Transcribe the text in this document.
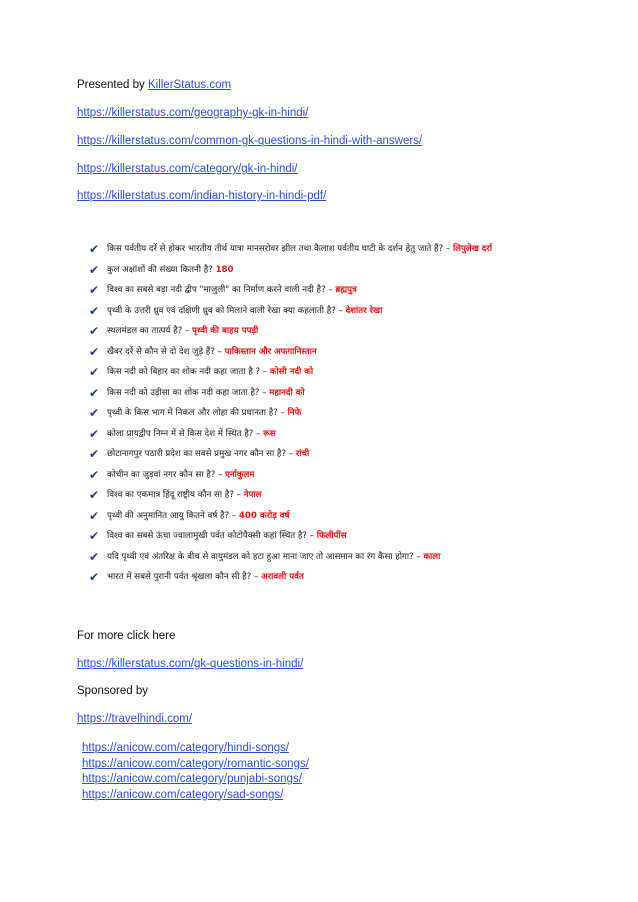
Presented by KillerStatus.com
https://killerstatus.com/geography-gk-in-hindi/
https://killerstatus.com/common-gk-questions-in-hindi-with-answers/
https://killerstatus.com/category/gk-in-hindi/
https://killerstatus.com/indian-history-in-hindi-pdf/
✔ किस पर्वतीय दर्रे से होकर भारतीय तीर्थ यात्रा मानसरोवर झील तथा कैलाश पर्वतीय घाटी के दर्शन हेतु जाते हैं? – लिपुलेख दर्रा
✔ कुल अक्षांशों की संख्या कितनी है? 180
✔ विश्व का सबसे बड़ा नदी द्वीप "माजुली" का निर्माण करने वाली नदी है? – ब्रह्मपुत्र
✔ पृथ्वी के उत्तरी ध्रुव एवं दक्षिणी ध्रुव को मिलाने वाली रेखा क्या कहलाती है? – देशांतर रेखा
✔ स्थलमंडल का तात्पर्य है? – पृथ्वी की बाहय पपड़ी
✔ खैबर दर्रे से कौन से दो देश जुड़े हैं? – पाकिस्तान और अफगानिस्तान
✔ किस नदी को बिहार का शोक नदी कहा जाता है ? – कोसी नदी को
✔ किस नदी को उड़ीसा का शोक नदी कहा जाता है? – महानदी को
✔ पृथ्वी के किस भाग में निकल और लोहा की प्रधानता है? – निफे
✔ कोला प्रायद्वीप निम्न में से किस देश में स्थित है? – रूस
✔ छोटानागपुर पठारी प्रदेश का सबसे प्रमुख नगर कौन सा है? – रांची
✔ कोचीन का जुड़वां नगर कौन सा है? – एर्नाकुलम
✔ विश्व का एकमात्र हिंदू राष्ट्रीय कौन सा है? – नेपाल
✔ पृथ्वी की अनुमानित आयु कितने वर्ष है? – 400 करोड़ वर्ष
✔ विश्व का सबसे ऊंचा ज्वालामुखी पर्वत कोटोपैक्सी कहां स्थित है? – फिलीपींस
✔ यदि पृथ्वी एवं अंतरिक्ष के बीच से वायुमंडल को हटा हुआ माना जाए तो आसमान का रंग कैसा होगा? – काला
✔ भारत में सबसे पुरानी पर्वत श्रृंखला कौन सी है? – अरावली पर्वत
For more click here
https://killerstatus.com/gk-questions-in-hindi/
Sponsored by
https://travelhindi.com/
https://anicow.com/category/hindi-songs/
https://anicow.com/category/romantic-songs/
https://anicow.com/category/punjabi-songs/
https://anicow.com/category/sad-songs/
